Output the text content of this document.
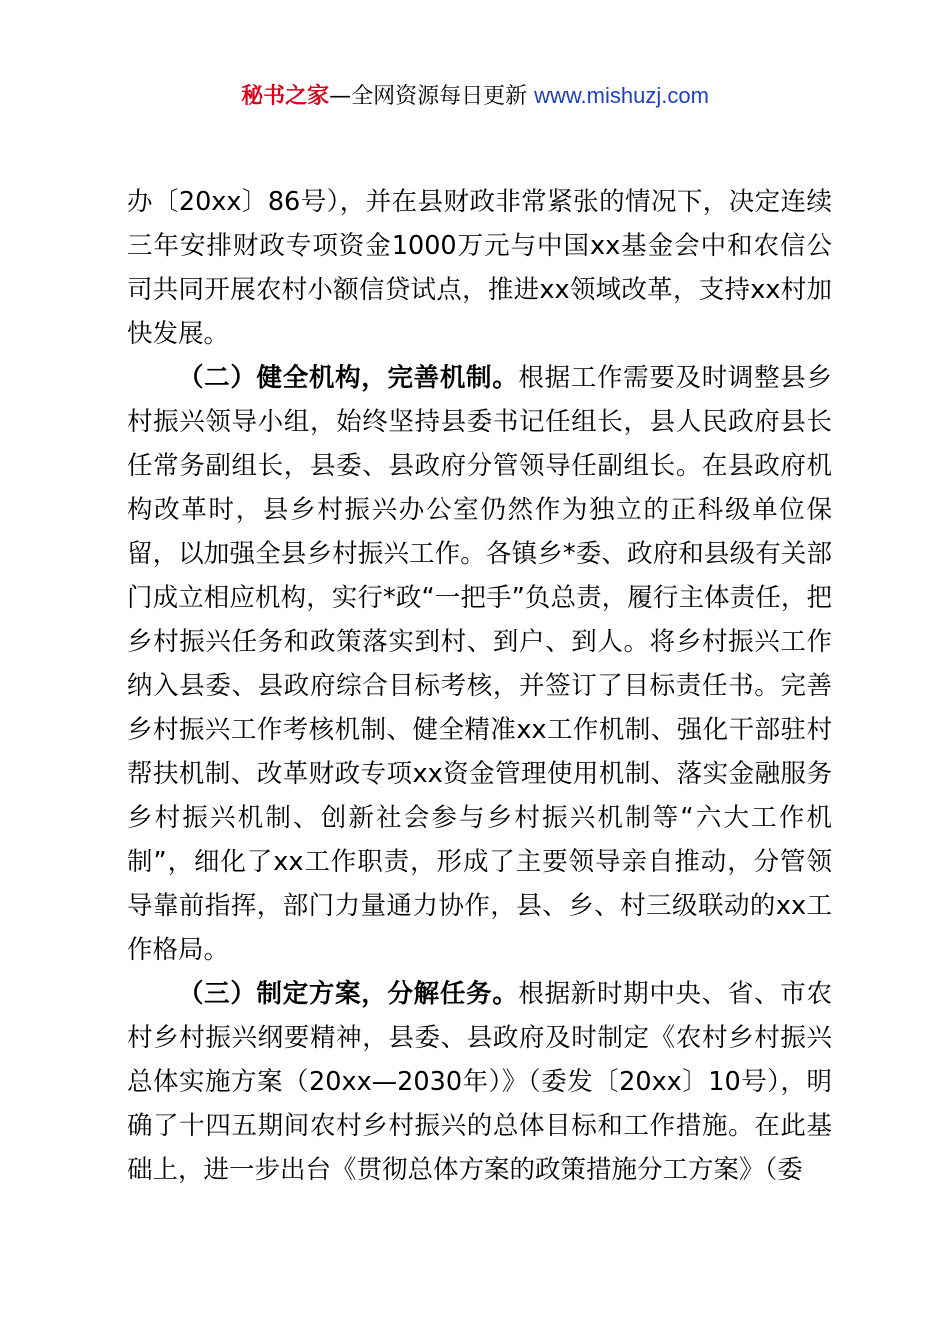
秘书之家—全网资源每日更新 www.mishuzj.com

办〔20xx〕86号），并在县财政非常紧张的情况下，决定连续三年安排财政专项资金1000万元与中国xx基金会中和农信公司共同开展农村小额信贷试点，推进xx领域改革，支持xx村加快发展。

（二）健全机构，完善机制。根据工作需要及时调整县乡村振兴领导小组，始终坚持县委书记任组长，县人民政府县长任常务副组长，县委、县政府分管领导任副组长。在县政府机构改革时，县乡村振兴办公室仍然作为独立的正科级单位保留，以加强全县乡村振兴工作。各镇乡*委、政府和县级有关部门成立相应机构，实行*政“一把手”负总责，履行主体责任，把乡村振兴任务和政策落实到村、到户、到人。将乡村振兴工作纳入县委、县政府综合目标考核，并签订了目标责任书。完善乡村振兴工作考核机制、健全精准xx工作机制、强化干部驻村帮扶机制、改革财政专项xx资金管理使用机制、落实金融服务乡村振兴机制、创新社会参与乡村振兴机制等“六大工作机制”，细化了xx工作职责，形成了主要领导亲自推动，分管领导靠前指挥，部门力量通力协作，县、乡、村三级联动的xx工作格局。

（三）制定方案，分解任务。根据新时期中央、省、市农村乡村振兴纲要精神，县委、县政府及时制定《农村乡村振兴总体实施方案（20xx—2030年）》（委发〔20xx〕10号），明确了十四五期间农村乡村振兴的总体目标和工作措施。在此基础上，进一步出台《贯彻总体方案的政策措施分工方案》（委
